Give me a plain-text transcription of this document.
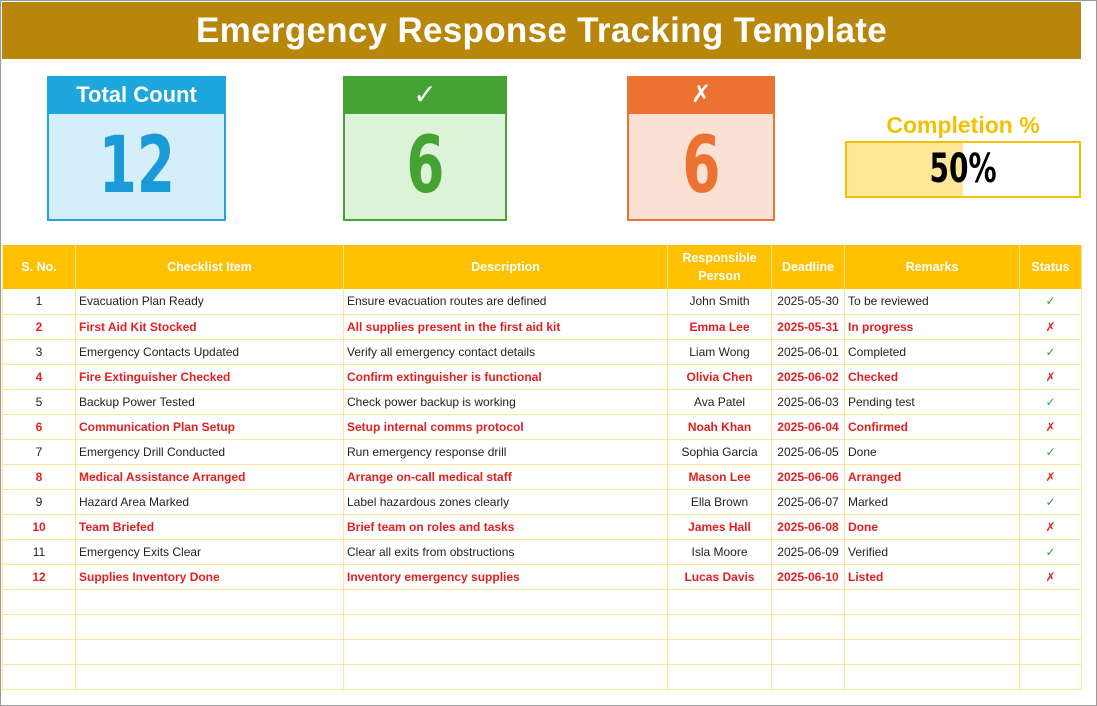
Emergency Response Tracking Template
Total Count
12
✓
6
✗
6	Completion %
50%
S. No.	Checklist Item	Description	Responsible Person	Deadline	Remarks	Status
1	Evacuation Plan Ready	Ensure evacuation routes are defined	John Smith	2025-05-30	To be reviewed	✓
2	First Aid Kit Stocked	All supplies present in the first aid kit	Emma Lee	2025-05-31	In progress	✗
3	Emergency Contacts Updated	Verify all emergency contact details	Liam Wong	2025-06-01	Completed	✓
4	Fire Extinguisher Checked	Confirm extinguisher is functional	Olivia Chen	2025-06-02	Checked	✗
5	Backup Power Tested	Check power backup is working	Ava Patel	2025-06-03	Pending test	✓
6	Communication Plan Setup	Setup internal comms protocol	Noah Khan	2025-06-04	Confirmed	✗
7	Emergency Drill Conducted	Run emergency response drill	Sophia Garcia	2025-06-05	Done	✓
8	Medical Assistance Arranged	Arrange on-call medical staff	Mason Lee	2025-06-06	Arranged	✗
9	Hazard Area Marked	Label hazardous zones clearly	Ella Brown	2025-06-07	Marked	✓
10	Team Briefed	Brief team on roles and tasks	James Hall	2025-06-08	Done	✗
11	Emergency Exits Clear	Clear all exits from obstructions	Isla Moore	2025-06-09	Verified	✓
12	Supplies Inventory Done	Inventory emergency supplies	Lucas Davis	2025-06-10	Listed	✗
